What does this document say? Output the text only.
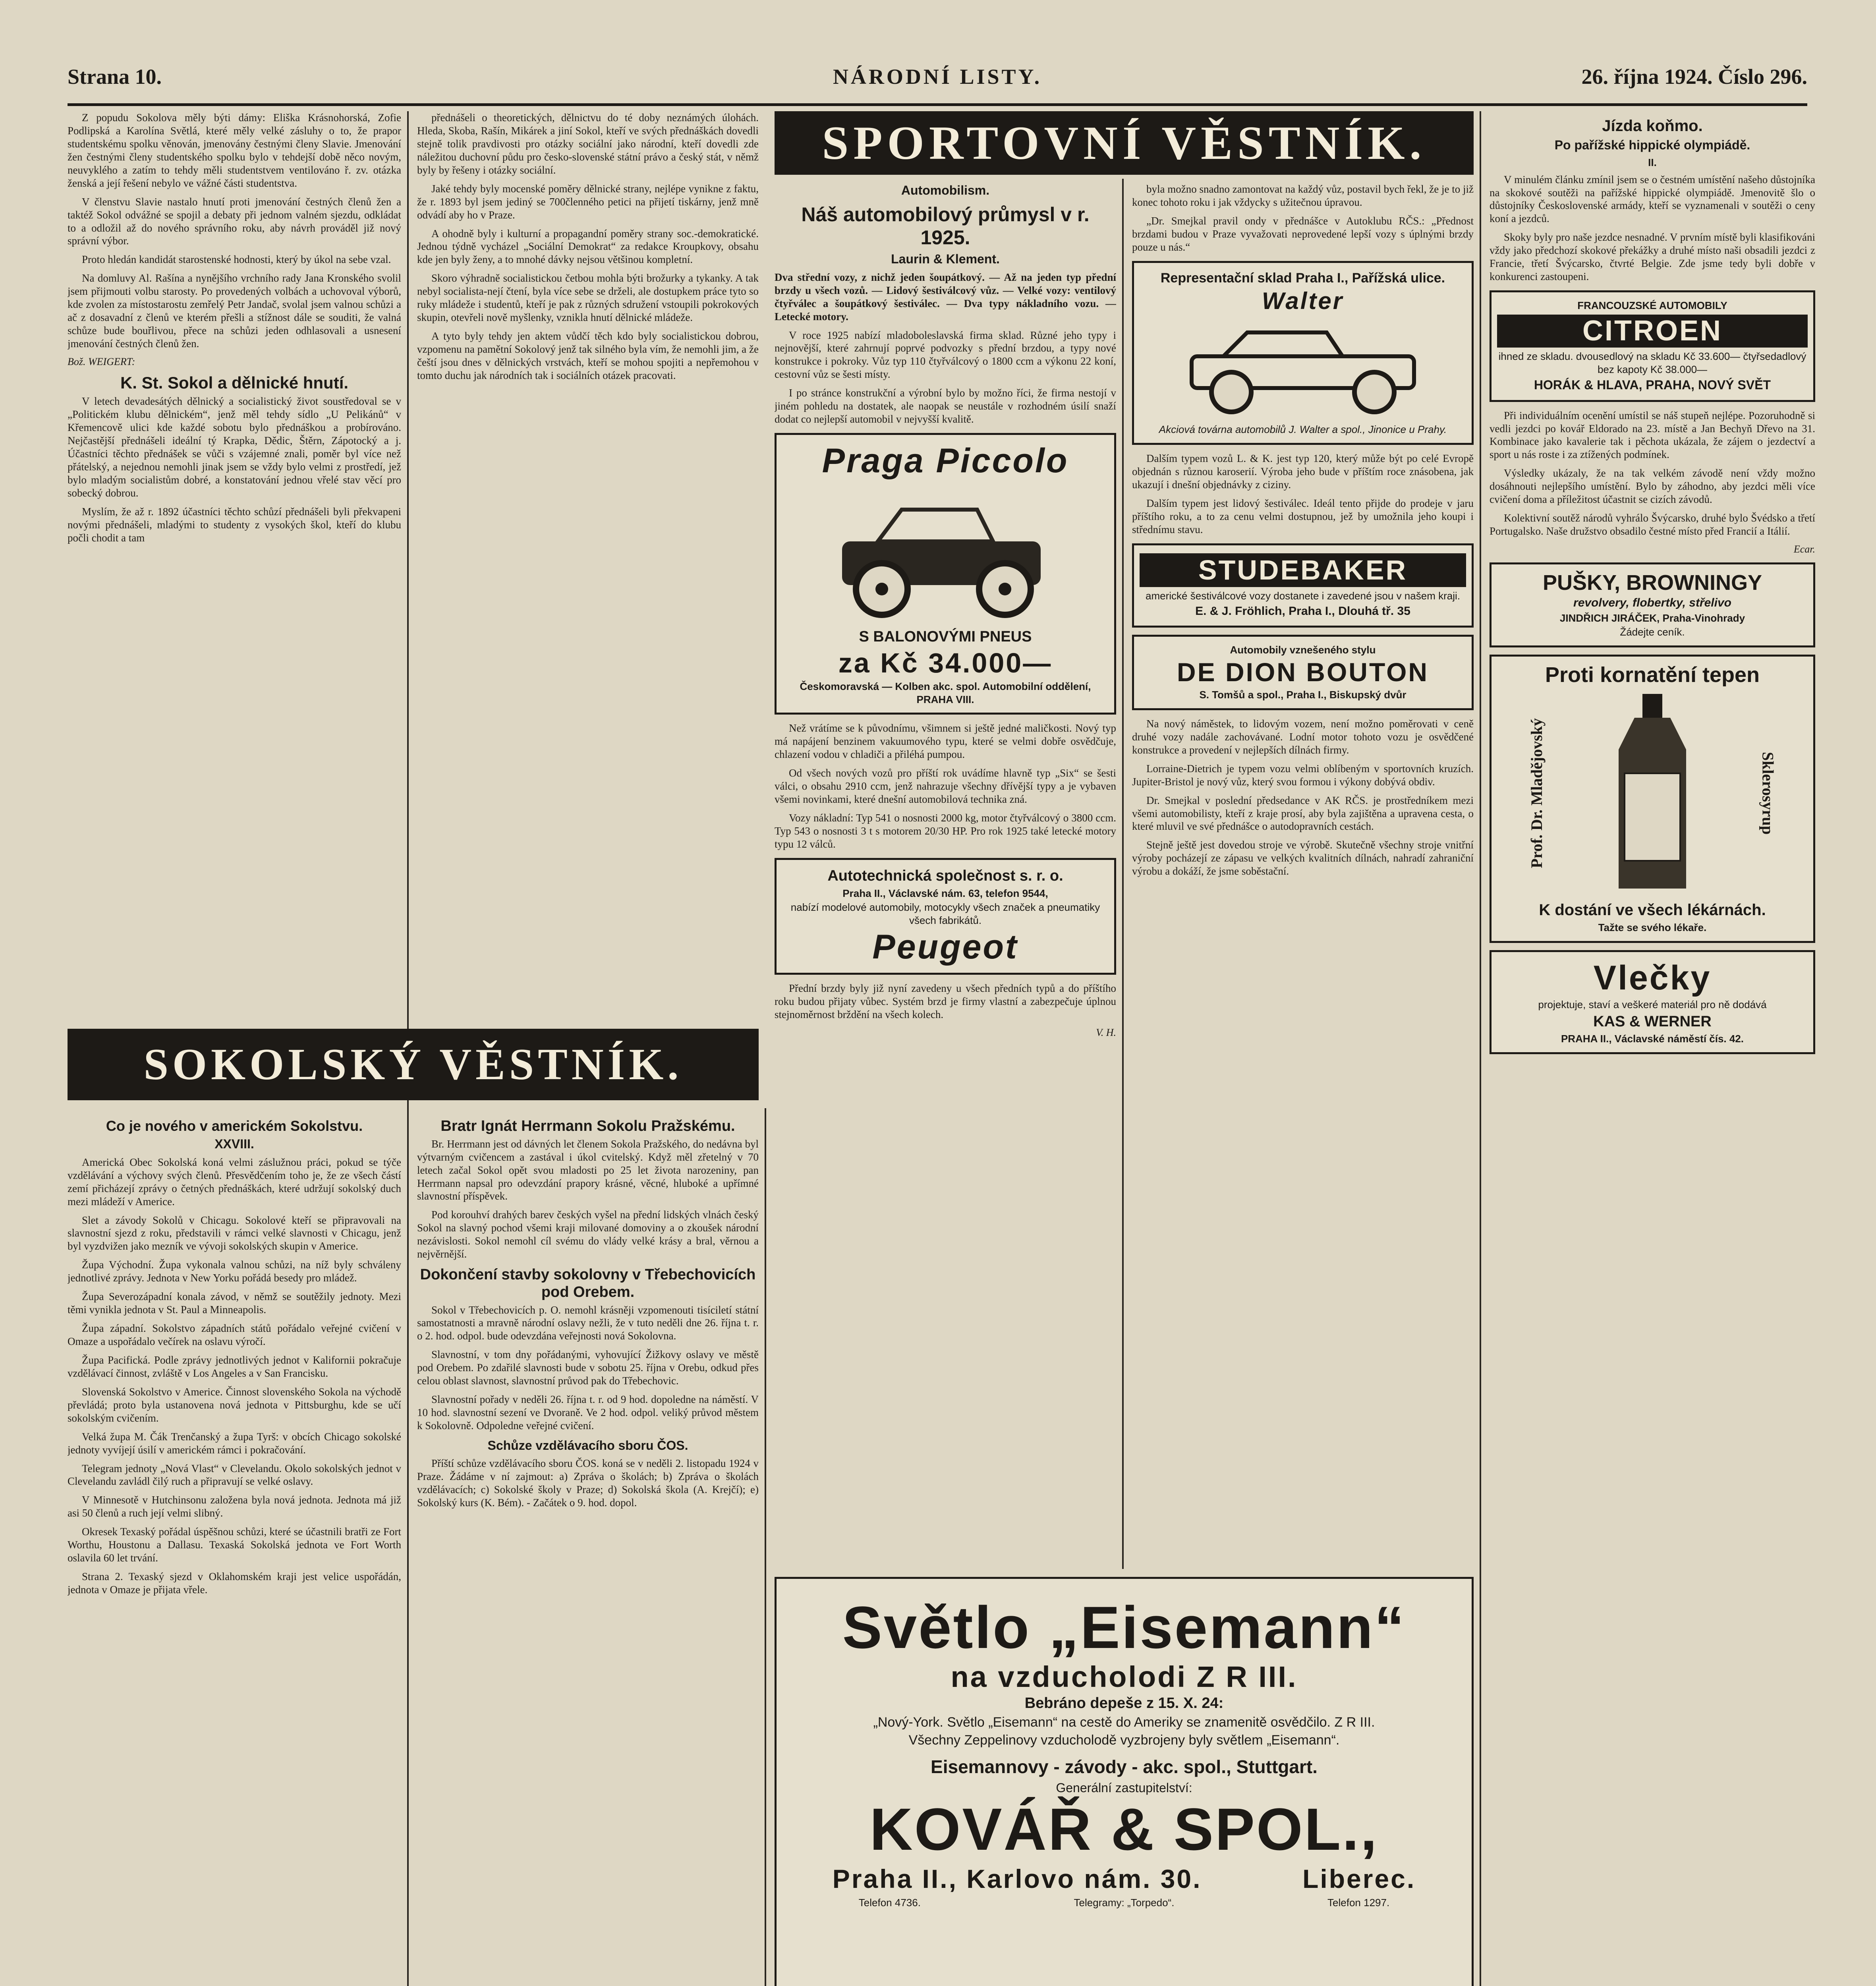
Strana 10.	NÁRODNÍ LISTY.	26. října 1924. Číslo 296.

Z popudu Sokolova měly býti dámy: Eliška Krásnohorská, Zofie Podlipská a Karolína Světlá, které měly velké zásluhy o to, že prapor studentskému spolku věnován, jmenovány čestnými členy Slavie. Jmenování žen čestnými členy studentského spolku bylo v tehdejší době něco novým, neuvyklého a zatím to tehdy měli studentstvem ventilováno ř. zv. otázka ženská a její řešení nebylo ve vážné části studentstva.

V členstvu Slavie nastalo hnutí proti jmenování čestných členů žen a taktéž Sokol odvážné se spojil a debaty při jednom valném sjezdu, odkládat to a odložil až do nového správního roku, aby návrh prováděl již nový správní výbor.

Proto hledán kandidát starostenské hodnosti, který by úkol na sebe vzal.

Na domluvy Al. Rašína a nynějšího vrchního rady Jana Kronského svolil jsem přijmouti volbu starosty. Po provedených volbách a uchovoval výborů, kde zvolen za místostarostu zemřelý Petr Jandač, svolal jsem valnou schůzi a ač z dosavadní z členů ve kterém přešli a stížnost dále se souditi, že valná schůze bude bouřlivou, přece na schůzi jeden odhlasovali a usnesení jmenování čestných členů žen.

Bož. WEIGERT:

K. St. Sokol a dělnické hnutí.

V letech devadesátých dělnický a socialistický život soustředoval se v „Politickém klubu dělnickém“, jenž měl tehdy sídlo „U Pelikánů“ v Křemencově ulici kde každé sobotu bylo přednáškou a probírováno. Nejčastější přednášeli ideální tý Krapka, Dědic, Štěrn, Zápotocký a j. Účastníci těchto přednášek se vůči s vzájemné znali, poměr byl více než přátelský, a nejednou nemohli jinak jsem se vždy bylo velmi z prostředí, jež bylo mladým socialistům dobré, a konstatování jednou vřelé stav věcí pro sobecký dobrou.

Myslím, že až r. 1892 účastníci těchto schůzí přednášeli byli překvapeni novými přednášeli, mladými to studenty z vysokých škol, kteří do klubu počli chodit a tam

přednášeli o theoretických, dělnictvu do té doby neznámých úlohách. Hleda, Skoba, Rašín, Mikárek a jiní Sokol, kteří ve svých přednáškách dovedli stejně tolik pravdivosti pro otázky sociální jako národní, kteří dovedli zde náležitou duchovní půdu pro česko-slovenské státní právo a český stát, v němž byly by řešeny i otázky sociální.

Jaké tehdy byly mocenské poměry dělnické strany, nejlépe vynikne z faktu, že r. 1893 byl jsem jediný se 700členného petici na přijetí tiskárny, jenž mně odvádí aby ho v Praze.

A ohodně byly i kulturní a propagandní poměry strany soc.-demokratické. Jednou týdně vycházel „Sociální Demokrat“ za redakce Kroupkovy, obsahu kde jen byly ženy, a to mnohé dávky nejsou většinou kompletní.

Skoro výhradně socialistickou četbou mohla býti brožurky a tykanky. A tak nebyl socialista-nejí čtení, byla více sebe se drželi, ale dostupkem práce tyto so ruky mládeže i studentů, kteří je pak z různých sdružení vstoupili pokrokových skupin, otevřeli nově myšlenky, vznikla hnutí dělnické mládeže.

A tyto byly tehdy jen aktem vůdčí těch kdo byly socialistickou dobrou, vzpomenu na pamětní Sokolový jenž tak silného byla vím, že nemohli jim, a že čeští jsou dnes v dělnických vrstvách, kteří se mohou spojiti a nepřemohou v tomto duchu jak národních tak i sociálních otázek pracovati.

SOKOLSKÝ VĚSTNÍK.
Co je nového v americkém Sokolstvu.
XXVIII.

Americká Obec Sokolská koná velmi záslužnou práci, pokud se týče vzdělávání a výchovy svých členů. Přesvědčením toho je, že ze všech částí zemí přicházejí zprávy o četných přednáškách, které udržují sokolský duch mezi mládeží v Americe.

Slet a závody Sokolů v Chicagu. Sokolové kteří se připravovali na slavnostní sjezd z roku, představili v rámci velké slavnosti v Chicagu, jenž byl vyzdvižen jako mezník ve vývoji sokolských skupin v Americe.

Župa Východní. Župa vykonala valnou schůzi, na níž byly schváleny jednotlivé zprávy. Jednota v New Yorku pořádá besedy pro mládež.

Župa Severozápadní konala závod, v němž se soutěžily jednoty. Mezi těmi vynikla jednota v St. Paul a Minneapolis.

Župa západní. Sokolstvo západních států pořádalo veřejné cvičení v Omaze a uspořádalo večírek na oslavu výročí.

Župa Pacifická. Podle zprávy jednotlivých jednot v Kalifornii pokračuje vzdělávací činnost, zvláště v Los Angeles a v San Francisku.

Slovenská Sokolstvo v Americe. Činnost slovenského Sokola na východě převládá; proto byla ustanovena nová jednota v Pittsburghu, kde se učí sokolským cvičením.

Velká župa M. Čák Trenčanský a župa Tyrš: v obcích Chicago sokolské jednoty vyvíjejí úsilí v americkém rámci i pokračování.

Telegram jednoty „Nová Vlast“ v Clevelandu. Okolo sokolských jednot v Clevelandu zavládl čilý ruch a připravují se velké oslavy.

V Minnesotě v Hutchinsonu založena byla nová jednota. Jednota má již asi 50 členů a ruch její velmi slibný.

Okresek Texaský pořádal úspěšnou schůzi, které se účastnili bratři ze Fort Worthu, Houstonu a Dallasu. Texaská Sokolská jednota ve Fort Worth oslavila 60 let trvání.

Strana 2. Texaský sjezd v Oklahomském kraji jest velice uspořádán, jednota v Omaze je přijata vřele.

Bratr Ignát Herrmann Sokolu Pražskému.

Br. Herrmann jest od dávných let členem Sokola Pražského, do nedávna byl výtvarným cvičencem a zastával i úkol cvitelský. Když měl zřetelný v 70 letech začal Sokol opět svou mladosti po 25 let života narozeniny, pan Herrmann napsal pro odevzdání prapory krásné, věcné, hluboké a upřímné slavnostní příspěvek.

Pod korouhví drahých barev českých vyšel na přední lidských vlnách český Sokol na slavný pochod všemi kraji milované domoviny a o zkoušek národní nezávislosti. Sokol nemohl cíl svému do vlády velké krásy a bral, věrnou a nejvěrnější.

Dokončení stavby sokolovny v Třebechovicích pod Orebem.

Sokol v Třebechovicích p. O. nemohl krásněji vzpomenouti tisíciletí státní samostatnosti a mravně národní oslavy nežli, že v tuto neděli dne 26. října t. r. o 2. hod. odpol. bude odevzdána veřejnosti nová Sokolovna.

Slavnostní, v tom dny pořádanými, vyhovující Žižkovy oslavy ve městě pod Orebem. Po zdařilé slavnosti bude v sobotu 25. října v Orebu, odkud přes celou oblast slavnost, slavnostní průvod pak do Třebechovic.

Slavnostní pořady v neděli 26. října t. r. od 9 hod. dopoledne na náměstí. V 10 hod. slavnostní sezení ve Dvoraně. Ve 2 hod. odpol. veliký průvod městem k Sokolovně. Odpoledne veřejné cvičení.

Schůze vzdělávacího sboru ČOS.

Příští schůze vzdělávacího sboru ČOS. koná se v neděli 2. listopadu 1924 v Praze. Žádáme v ní zajmout: a) Zpráva o školách; b) Zpráva o školách vzdělávacích; c) Sokolské školy v Praze; d) Sokolská škola (A. Krejčí); e) Sokolský kurs (K. Bém). - Začátek o 9. hod. dopol.

SPORTOVNÍ VĚSTNÍK.
Automobilism.
Náš automobilový průmysl v r. 1925.
Laurin & Klement.

Dva střední vozy, z nichž jeden šoupátkový. — Až na jeden typ přední brzdy u všech vozů. — Lidový šestiválcový vůz. — Velké vozy: ventilový čtyřválec a šoupátkový šestiválec. — Dva typy nákladního vozu. — Letecké motory.

V roce 1925 nabízí mladoboleslavská firma sklad. Různé jeho typy i nejnovější, které zahrnují poprvé podvozky s přední brzdou, a typy nové konstrukce i pokroky. Vůz typ 110 čtyřválcový o 1800 ccm a výkonu 22 koní, cestovní vůz se šesti místy.

I po stránce konstrukční a výrobní bylo by možno říci, že firma nestojí v jiném pohledu na dostatek, ale naopak se neustále v rozhodném úsilí snaží dodat co nejlepší automobil v nejvyšší kvalitě.

Praga Piccolo
S BALONOVÝMI PNEUS
za Kč 34.000—
Českomoravská — Kolben akc. spol. Automobilní oddělení, PRAHA VIII.

Než vrátíme se k původnímu, všimnem si ještě jedné maličkosti. Nový typ má napájení benzinem vakuumového typu, které se velmi dobře osvědčuje, chlazení vodou v chladiči a přiléhá pumpou.

Od všech nových vozů pro příští rok uvádíme hlavně typ „Six“ se šesti válci, o obsahu 2910 ccm, jenž nahrazuje všechny dřívější typy a je vybaven všemi novinkami, které dnešní automobilová technika zná.

Vozy nákladní: Typ 541 o nosnosti 2000 kg, motor čtyřválcový o 3800 ccm. Typ 543 o nosnosti 3 t s motorem 20/30 HP. Pro rok 1925 také letecké motory typu 12 válců.

Autotechnická společnost s. r. o.
Praha II., Václavské nám. 63, telefon 9544,
nabízí modelové automobily, motocykly všech značek a pneumatiky všech fabrikátů.
Peugeot

Přední brzdy byly již nyní zavedeny u všech předních typů a do příštího roku budou přijaty vůbec. Systém brzd je firmy vlastní a zabezpečuje úplnou stejnoměrnost brždění na všech kolech.

V. H.

byla možno snadno zamontovat na každý vůz, postavil bych řekl, že je to již konec tohoto roku i jak vždycky s užitečnou úpravou.

„Dr. Smejkal pravil ondy v přednášce v Autoklubu RČS.: „Přednost brzdami budou v Praze vyvažovati neprovedené lepší vozy s úplnými brzdy pouze u nás.“

Representační sklad Praha I., Pařížská ulice.
Walter
Akciová továrna automobilů J. Walter a spol., Jinonice u Prahy.

Dalším typem vozů L. & K. jest typ 120, který může být po celé Evropě objednán s různou karoserií. Výroba jeho bude v příštím roce znásobena, jak ukazují i dnešní objednávky z ciziny.

Dalším typem jest lidový šestiválec. Ideál tento přijde do prodeje v jaru příštího roku, a to za cenu velmi dostupnou, jež by umožnila jeho koupi i střednímu stavu.

STUDEBAKER
americké šestiválcové vozy dostanete i zavedené jsou v našem kraji.
E. & J. Fröhlich, Praha I., Dlouhá tř. 35
Automobily vznešeného stylu
DE DION BOUTON
S. Tomšů a spol., Praha I., Biskupský dvůr

Na nový náměstek, to lidovým vozem, není možno poměrovati v ceně druhé vozy nadále zachovávané. Lodní motor tohoto vozu je osvědčené konstrukce a provedení v nejlepších dílnách firmy.

Lorraine-Dietrich je typem vozu velmi oblíbeným v sportovních kruzích. Jupiter-Bristol je nový vůz, který svou formou i výkony dobývá obdiv.

Dr. Smejkal v poslední předsedance v AK RČS. je prostředníkem mezi všemi automobilisty, kteří z kraje prosí, aby byla zajištěna a upravena cesta, o které mluvil ve své přednášce o autodopravních cestách.

Stejně ještě jest dovedou stroje ve výrobě. Skutečně všechny stroje vnitřní výroby pocházejí ze zápasu ve velkých kvalitních dílnách, nahradí zahraniční výrobu a dokáží, že jsme soběstační.

Světlo „Eisemann“
na vzducholodi Z R III.
Bebráno depeše z 15. X. 24:
„Nový-York. Světlo „Eisemann“ na cestě do Ameriky se znamenitě osvědčilo. Z R III.
Všechny Zeppelinovy vzducholodě vyzbrojeny byly světlem „Eisemann“.
Eisemannovy - závody - akc. spol., Stuttgart.
Generální zastupitelství:
KOVÁŘ & SPOL.,
Praha II., Karlovo nám. 30.	Liberec.
Telefon 4736.	Telegramy: „Torpedo“.	Telefon 1297.
Jízda koňmo.
Po pařížské hippické olympiádě.
II.

V minulém článku zmínil jsem se o čestném umístění našeho důstojníka na skokové soutěži na pařížské hippické olympiádě. Jmenovitě šlo o důstojníky Československé armády, kteří se vyznamenali v soutěži o ceny koní a jezdců.

Skoky byly pro naše jezdce nesnadné. V prvním místě byli klasifikováni vždy jako předchozí skokové překážky a druhé místo naši obsadili jezdci z Francie, třetí Švýcarsko, čtvrté Belgie. Zde jsme tedy byli dobře v konkurenci zastoupeni.

FRANCOUZSKÉ AUTOMOBILY
CITROEN
ihned ze skladu. dvousedlový na skladu Kč 33.600— čtyřsedadlový bez kapoty Kč 38.000—
HORÁK & HLAVA, PRAHA, NOVÝ SVĚT

Při individuálním ocenění umístil se náš stupeň nejlépe. Pozoruhodně si vedli jezdci po kovář Eldorado na 23. místě a Jan Bechyň Dřevo na 31. Kombinace jako kavalerie tak i pěchota ukázala, že zájem o jezdectví a sport u nás roste i za ztížených podmínek.

Výsledky ukázaly, že na tak velkém závodě není vždy možno dosáhnouti nejlepšího umístění. Bylo by záhodno, aby jezdci měli více cvičení doma a příležitost účastnit se cizích závodů.

Kolektivní soutěž národů vyhrálo Švýcarsko, druhé bylo Švédsko a třetí Portugalsko. Naše družstvo obsadilo čestné místo před Francií a Itálií.

Ecar.

PUŠKY, BROWNINGY
revolvery, flobertky, střelivo
JINDŘICH JIRÁČEK, Praha-Vinohrady
Žádejte ceník.
Proti kornatění tepen
Prof. Dr. Mladějovský	Sklerosyrup
K dostání ve všech lékárnách.
Tažte se svého lékaře.
Vlečky
projektuje, staví a veškeré materiál pro ně dodává
KAS & WERNER
PRAHA II., Václavské náměstí čís. 42.
